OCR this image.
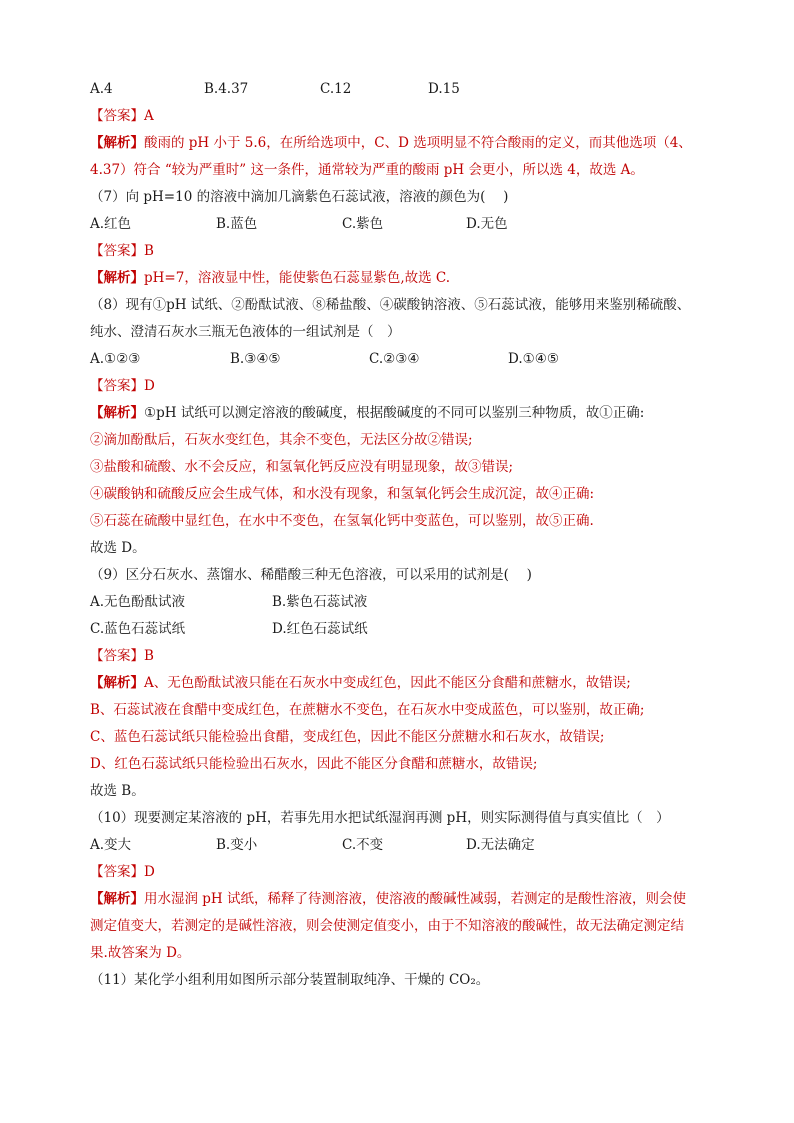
A.4	B.4.37	C.12	D.15
【答案】A
【解析】酸雨的 pH 小于 5.6，在所给选项中，C、D 选项明显不符合酸雨的定义，而其他选项（4、
4.37）符合 “较为严重时” 这一条件，通常较为严重的酸雨 pH 会更小，所以选 4，故选 A。
（7）向 pH=10 的溶液中滴加几滴紫色石蕊试液，溶液的颜色为(　 )
A.红色	B.蓝色	C.紫色	D.无色
【答案】B
【解析】pH=7，溶液显中性，能使紫色石蕊显紫色,故选 C.
（8）现有①pH 试纸、②酚酞试液、⑧稀盐酸、④碳酸钠溶液、⑤石蕊试液，能够用来鉴别稀硫酸、
纯水、澄清石灰水三瓶无色液体的一组试剂是（　）
A.①②③	B.③④⑤	C.②③④	D.①④⑤
【答案】D
【解析】①pH 试纸可以测定溶液的酸碱度，根据酸碱度的不同可以鉴别三种物质，故①正确:
②滴加酚酞后，石灰水变红色，其余不变色，无法区分故②错误;
③盐酸和硫酸、水不会反应，和氢氧化钙反应没有明显现象，故③错误;
④碳酸钠和硫酸反应会生成气体，和水没有现象，和氢氧化钙会生成沉淀，故④正确:
⑤石蕊在硫酸中显红色，在水中不变色，在氢氧化钙中变蓝色，可以鉴别，故⑤正确.
故选 D。
（9）区分石灰水、蒸馏水、稀醋酸三种无色溶液，可以采用的试剂是(　 )
A.无色酚酞试液	B.紫色石蕊试液
C.蓝色石蕊试纸	D.红色石蕊试纸
【答案】B
【解析】A、无色酚酞试液只能在石灰水中变成红色，因此不能区分食醋和蔗糖水，故错误;
B、石蕊试液在食醋中变成红色，在蔗糖水不变色，在石灰水中变成蓝色，可以鉴别，故正确;
C、蓝色石蕊试纸只能检验出食醋，变成红色，因此不能区分蔗糖水和石灰水，故错误;
D、红色石蕊试纸只能检验出石灰水，因此不能区分食醋和蔗糖水，故错误;
故选 B。
（10）现要测定某溶液的 pH，若事先用水把试纸湿润再测 pH，则实际测得值与真实值比（　）
A.变大	B.变小	C.不变	D.无法确定
【答案】D
【解析】用水湿润 pH 试纸，稀释了待测溶液，使溶液的酸碱性减弱，若测定的是酸性溶液，则会使
测定值变大，若测定的是碱性溶液，则会使测定值变小，由于不知溶液的酸碱性，故无法确定测定结
果.故答案为 D。
（11）某化学小组利用如图所示部分装置制取纯净、干燥的 CO₂。
